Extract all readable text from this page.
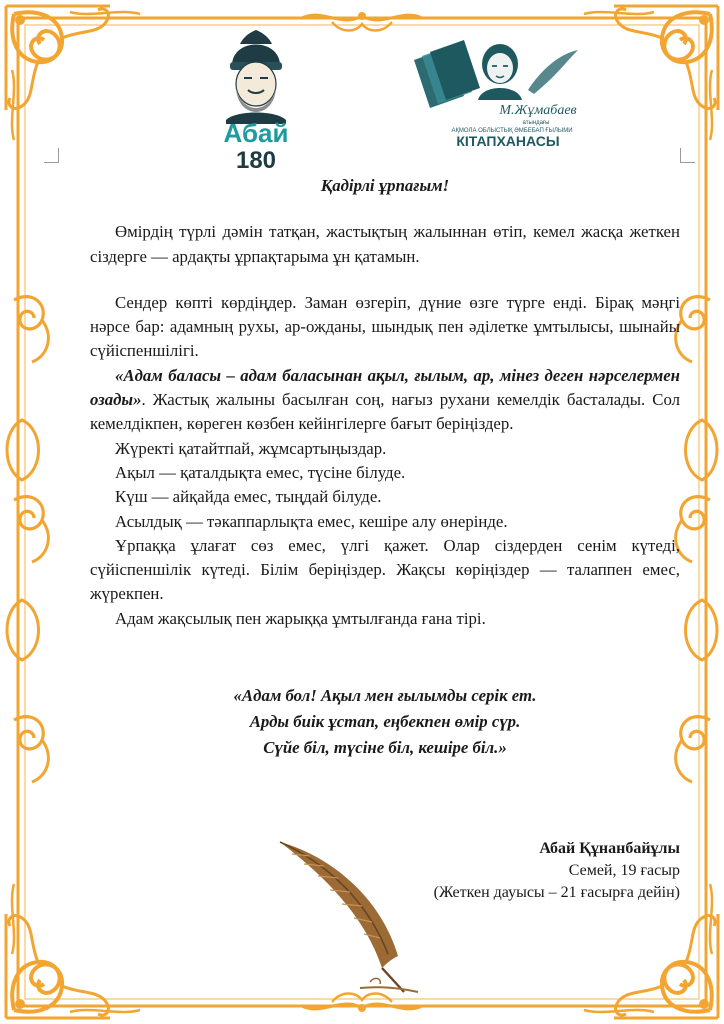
Абай
180
М.Жұмабаев
атындағы
АҚМОЛА ОБЛЫСТЫҚ ӘМБЕБАП ҒЫЛЫМИ
КІТАПХАНАСЫ

Қадірлі ұрпағым!

Өмірдің түрлі дәмін татқан, жастықтың жалыннан өтіп, кемел жасқа жеткен сіздерге — ардақты ұрпақтарыма ұн қатамын.

Сендер көпті көрдіңдер. Заман өзгеріп, дүние өзге түрге енді. Бірақ мәңгі нәрсе бар: адамның рухы, ар-ожданы, шындық пен әділетке ұмтылысы, шынайы сүйіспеншілігі.

«Адам баласы – адам баласынан ақыл, ғылым, ар, мінез деген нәрселермен озады». Жастық жалыны басылған соң, нағыз рухани кемелдік басталады. Сол кемелдікпен, көреген көзбен кейінгілерге бағыт беріңіздер.

Жүректі қатайтпай, жұмсартыңыздар.

Ақыл — қаталдықта емес, түсіне білуде.

Күш — айқайда емес, тыңдай білуде.

Асылдық — тәкаппарлықта емес, кешіре алу өнерінде.

Ұрпаққа ұлағат сөз емес, үлгі қажет. Олар сіздерден сенім күтеді, сүйіспеншілік күтеді. Білім беріңіздер. Жақсы көріңіздер — талаппен емес, жүрекпен.

Адам жақсылық пен жарыққа ұмтылғанда ғана тірі.

«Адам бол! Ақыл мен ғылымды серік ет.

Арды биік ұстап, еңбекпен өмір сүр.

Сүйе біл, түсіне біл, кешіре біл.»

Абай Құнанбайұлы
Семей, 19 ғасыр
(Жеткен дауысы – 21 ғасырға дейін)
